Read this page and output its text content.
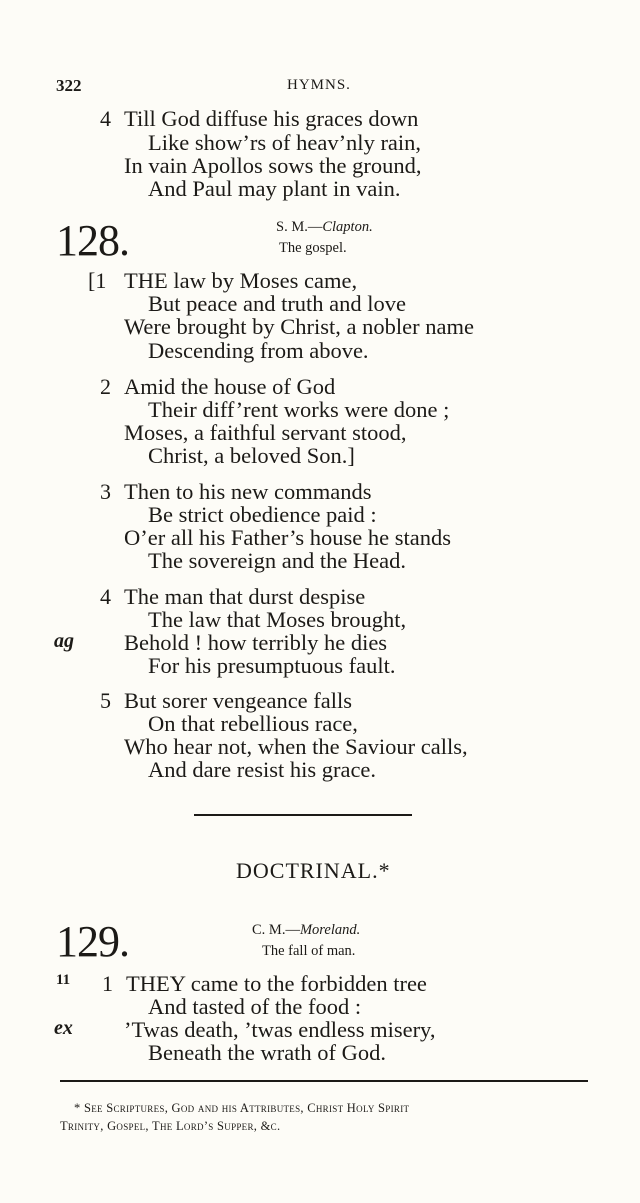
322	HYMNS.
4 Till God diffuse his graces down
Like show’rs of heav’nly rain,
In vain Apollos sows the ground,
And Paul may plant in vain.
128.	S. M.—Clapton.
The gospel.
[1 THE law by Moses came,
But peace and truth and love
Were brought by Christ, a nobler name
Descending from above.
2 Amid the house of God
Their diff’rent works were done ;
Moses, a faithful servant stood,
Christ, a beloved Son.]
3 Then to his new commands
Be strict obedience paid :
O’er all his Father’s house he stands
The sovereign and the Head.
4 The man that durst despise
The law that Moses brought,
ag Behold ! how terribly he dies
For his presumptuous fault.
5 But sorer vengeance falls
On that rebellious race,
Who hear not, when the Saviour calls,
And dare resist his grace.
DOCTRINAL.*
129.	C. M.—Moreland.
The fall of man.
11 1 THEY came to the forbidden tree
And tasted of the food :
ex ’Twas death, ’twas endless misery,
Beneath the wrath of God.
* See Scriptures, God and his Attributes, Christ Holy Spirit
Trinity, Gospel, The Lord’s Supper, &c.
